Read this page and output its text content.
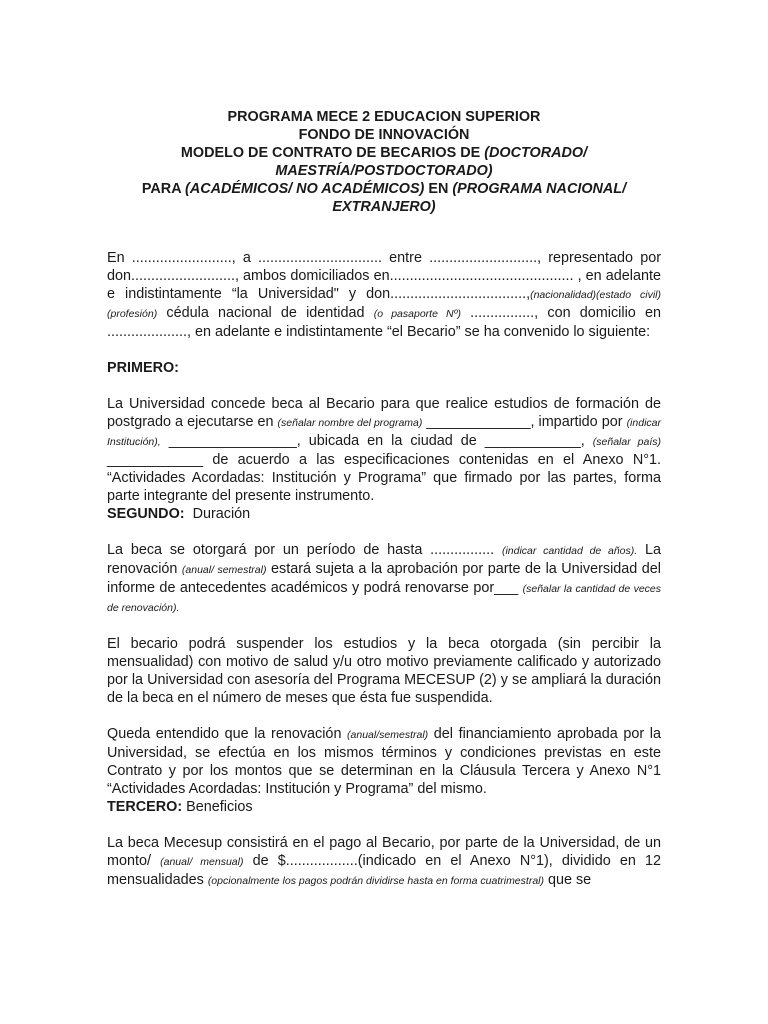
PROGRAMA MECE 2 EDUCACION SUPERIOR
FONDO DE INNOVACIÓN
MODELO DE CONTRATO DE BECARIOS DE (DOCTORADO/
MAESTRÍA/POSTDOCTORADO)
PARA (ACADÉMICOS/ NO ACADÉMICOS) EN (PROGRAMA NACIONAL/
EXTRANJERO)

En ........................., a ............................... entre ..........................., representado por don.........................., ambos domiciliados en.............................................. , en adelante e indistintamente “la Universidad" y don..................................,(nacionalidad)(estado civil)(profesión) cédula nacional de identidad (o pasaporte Nº) ................, con domicilio en ...................., en adelante e indistintamente “el Becario” se ha convenido lo siguiente:

PRIMERO:

La Universidad concede beca al Becario para que realice estudios de formación de postgrado a ejecutarse en (señalar nombre del programa) _____________, impartido por (indicar Institución), ________________, ubicada en la ciudad de ____________, (señalar país) ____________ de acuerdo a las especificaciones contenidas en el Anexo N°1. “Actividades Acordadas: Institución y Programa” que firmado por las partes, forma parte integrante del presente instrumento.

SEGUNDO: Duración

La beca se otorgará por un período de hasta ................ (indicar cantidad de años). La renovación (anual/ semestral) estará sujeta a la aprobación por parte de la Universidad del informe de antecedentes académicos y podrá renovarse por___ (señalar la cantidad de veces de renovación).

El becario podrá suspender los estudios y la beca otorgada (sin percibir la mensualidad) con motivo de salud y/u otro motivo previamente calificado y autorizado por la Universidad con asesoría del Programa MECESUP (2) y se ampliará la duración de la beca en el número de meses que ésta fue suspendida.

Queda entendido que la renovación (anual/semestral) del financiamiento aprobada por la Universidad, se efectúa en los mismos términos y condiciones previstas en este Contrato y por los montos que se determinan en la Cláusula Tercera y Anexo N°1 “Actividades Acordadas: Institución y Programa” del mismo.

TERCERO: Beneficios

La beca Mecesup consistirá en el pago al Becario, por parte de la Universidad, de un monto/ (anual/ mensual) de $..................(indicado en el Anexo N°1), dividido en 12 mensualidades (opcionalmente los pagos podrán dividirse hasta en forma cuatrimestral) que se
